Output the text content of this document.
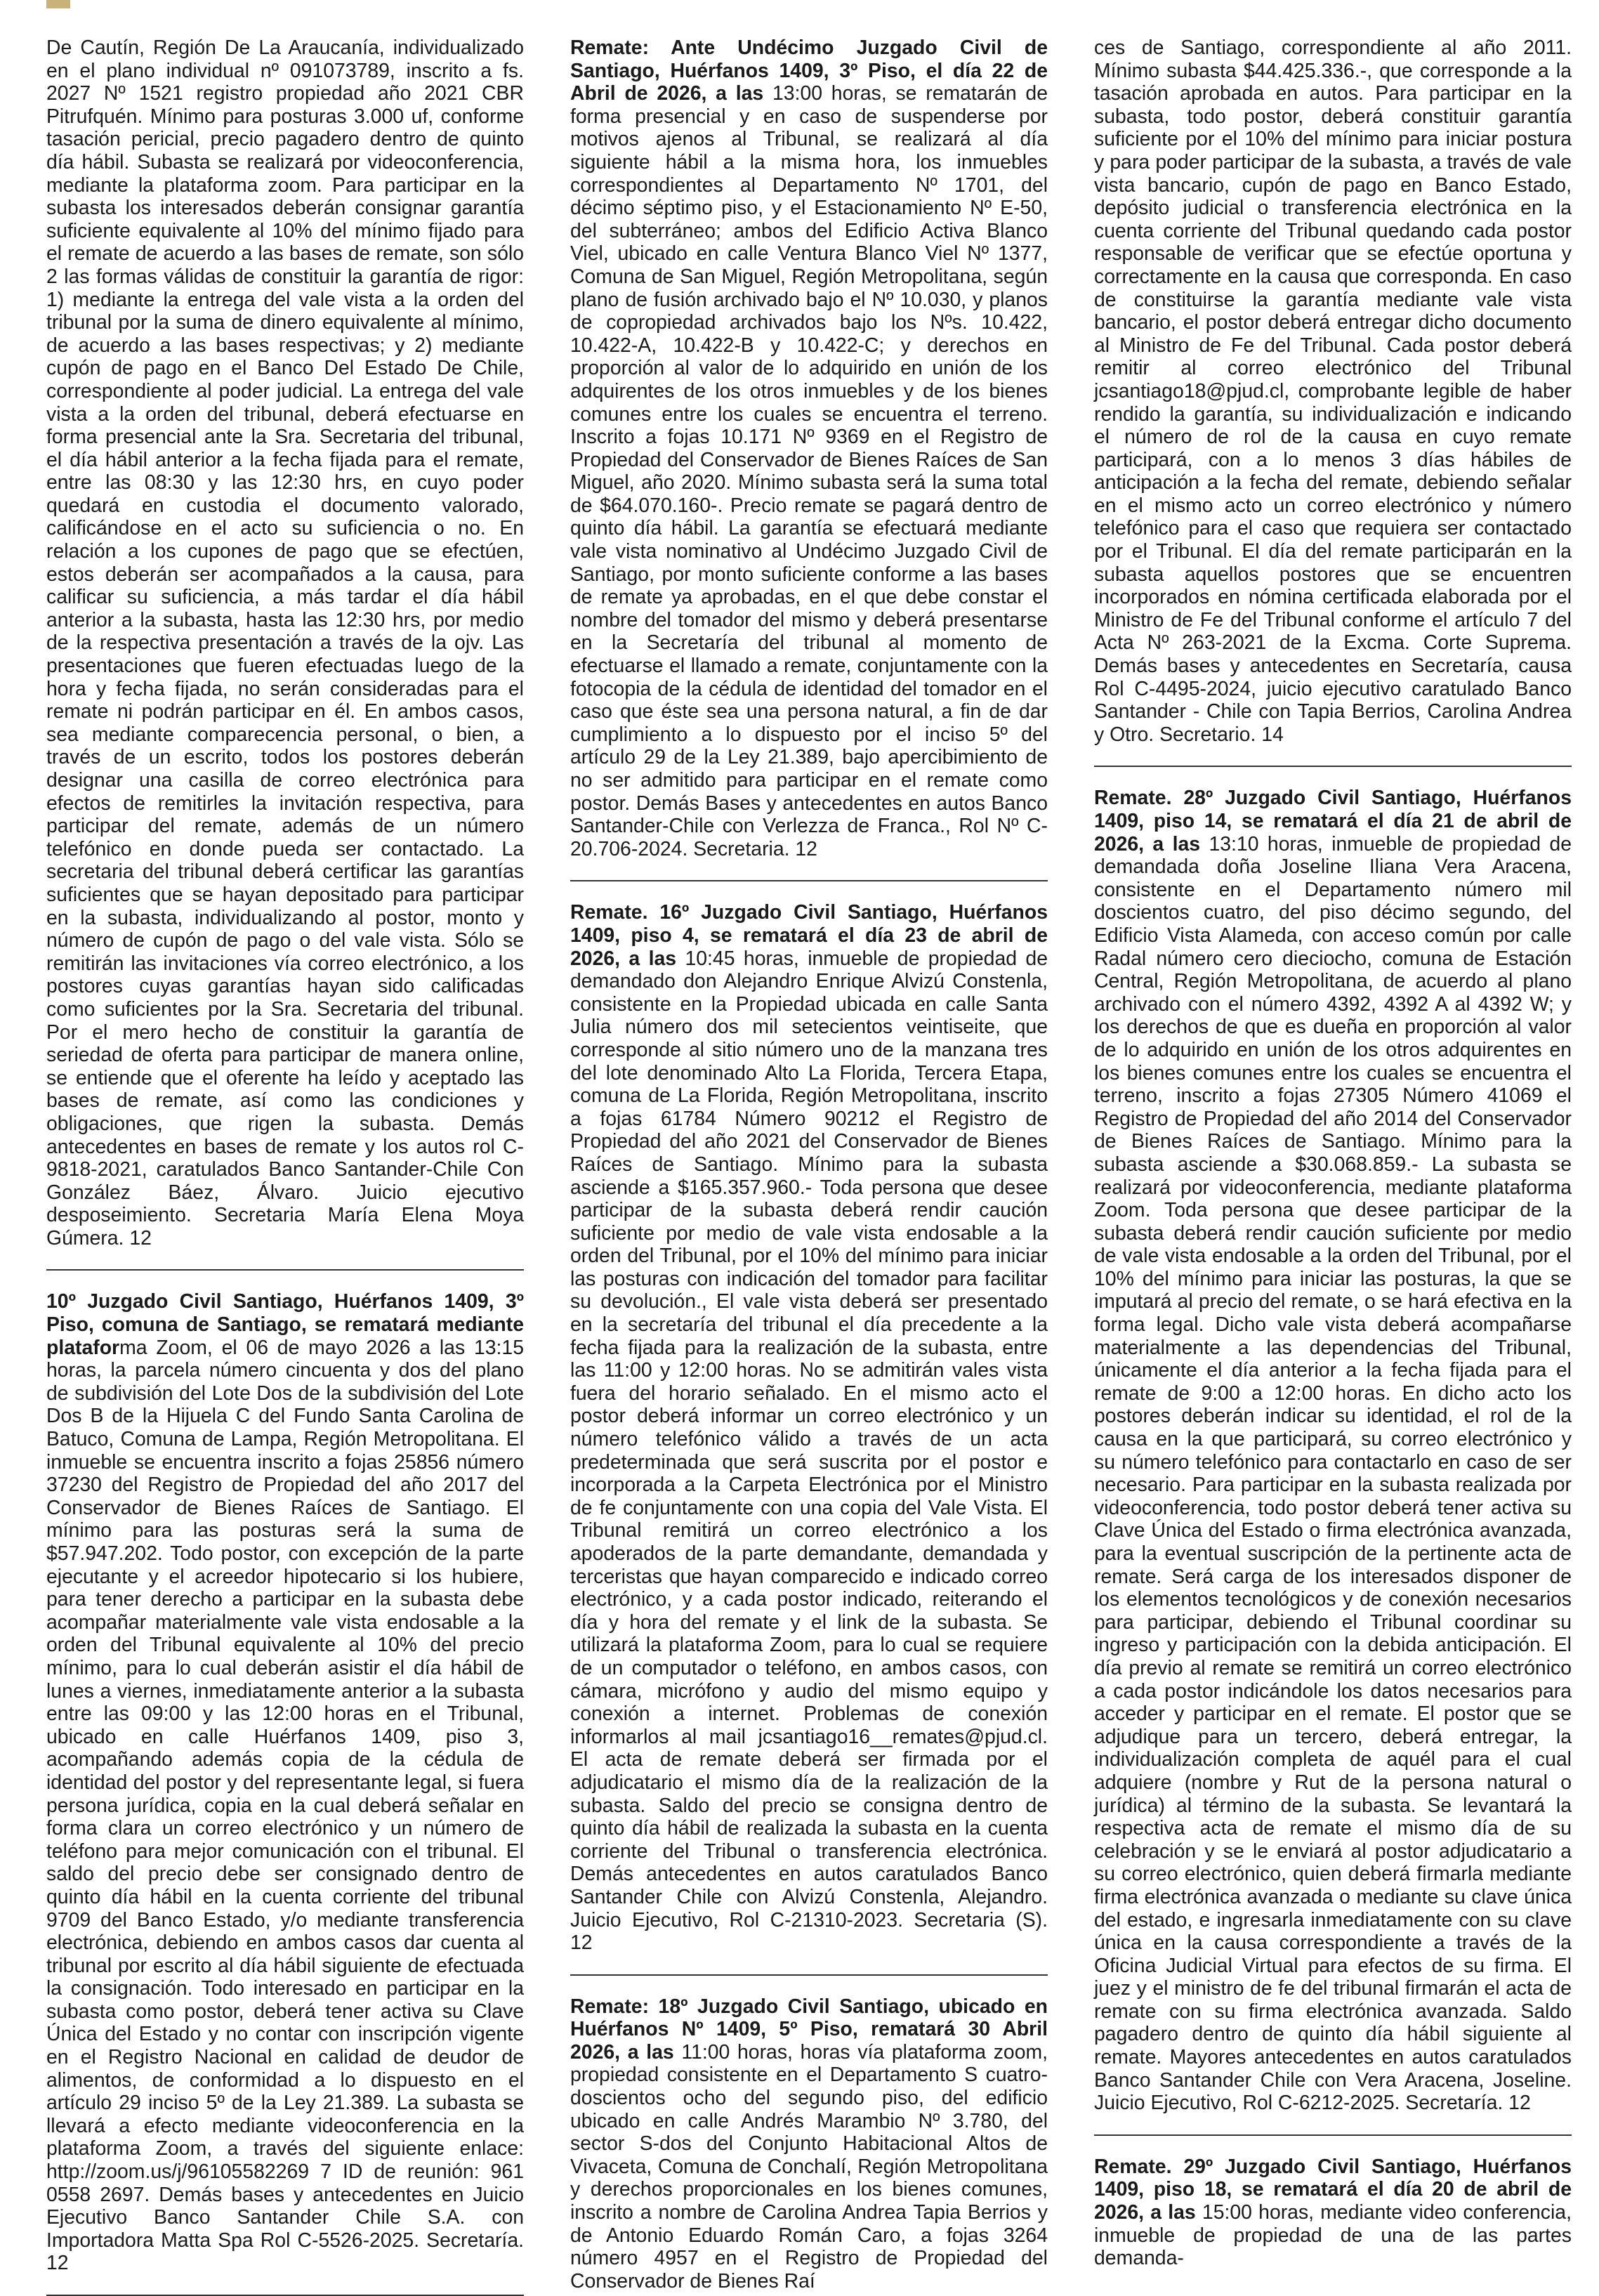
De Cautín, Región De La Araucanía, individualizado en el plano individual nº 091073789, inscrito a fs. 2027 Nº 1521 registro propiedad año 2021 CBR Pitrufquén. Mínimo para posturas 3.000 uf, conforme tasación pericial, precio pagadero dentro de quinto día hábil. Subasta se realizará por videoconferencia, mediante la plataforma zoom. Para participar en la subasta los interesados deberán consignar garantía suficiente equivalente al 10% del mínimo fijado para el remate de acuerdo a las bases de remate, son sólo 2 las formas válidas de constituir la garantía de rigor: 1) mediante la entrega del vale vista a la orden del tribunal por la suma de dinero equivalente al mínimo, de acuerdo a las bases respectivas; y 2) mediante cupón de pago en el Banco Del Estado De Chile, correspondiente al poder judicial. La entrega del vale vista a la orden del tribunal, deberá efectuarse en forma presencial ante la Sra. Secretaria del tribunal, el día hábil anterior a la fecha fijada para el remate, entre las 08:30 y las 12:30 hrs, en cuyo poder quedará en custodia el documento valorado, calificándose en el acto su suficiencia o no. En relación a los cupones de pago que se efectúen, estos deberán ser acompañados a la causa, para calificar su suficiencia, a más tardar el día hábil anterior a la subasta, hasta las 12:30 hrs, por medio de la respectiva presentación a través de la ojv. Las presentaciones que fueren efectuadas luego de la hora y fecha fijada, no serán consideradas para el remate ni podrán participar en él. En ambos casos, sea mediante comparecencia personal, o bien, a través de un escrito, todos los postores deberán designar una casilla de correo electrónica para efectos de remitirles la invitación respectiva, para participar del remate, además de un número telefónico en donde pueda ser contactado. La secretaria del tribunal deberá certificar las garantías suficientes que se hayan depositado para participar en la subasta, individualizando al postor, monto y número de cupón de pago o del vale vista. Sólo se remitirán las invitaciones vía correo electrónico, a los postores cuyas garantías hayan sido calificadas como suficientes por la Sra. Secretaria del tribunal. Por el mero hecho de constituir la garantía de seriedad de oferta para participar de manera online, se entiende que el oferente ha leído y aceptado las bases de remate, así como las condiciones y obligaciones, que rigen la subasta. Demás antecedentes en bases de remate y los autos rol C-9818-2021, caratulados Banco Santander-Chile Con González Báez, Álvaro. Juicio ejecutivo desposeimiento. Secretaria María Elena Moya Gúmera. 12

10º Juzgado Civil Santiago, Huérfanos 1409, 3º Piso, comuna de Santiago, se rematará mediante plataforma Zoom, el 06 de mayo 2026 a las 13:15 horas, la parcela número cincuenta y dos del plano de subdivisión del Lote Dos de la subdivisión del Lote Dos B de la Hijuela C del Fundo Santa Carolina de Batuco, Comuna de Lampa, Región Metropolitana. El inmueble se encuentra inscrito a fojas 25856 número 37230 del Registro de Propiedad del año 2017 del Conservador de Bienes Raíces de Santiago. El mínimo para las posturas será la suma de $57.947.202. Todo postor, con excepción de la parte ejecutante y el acreedor hipotecario si los hubiere, para tener derecho a participar en la subasta debe acompañar materialmente vale vista endosable a la orden del Tribunal equivalente al 10% del precio mínimo, para lo cual deberán asistir el día hábil de lunes a viernes, inmediatamente anterior a la subasta entre las 09:00 y las 12:00 horas en el Tribunal, ubicado en calle Huérfanos 1409, piso 3, acompañando además copia de la cédula de identidad del postor y del representante legal, si fuera persona jurídica, copia en la cual deberá señalar en forma clara un correo electrónico y un número de teléfono para mejor comunicación con el tribunal. El saldo del precio debe ser consignado dentro de quinto día hábil en la cuenta corriente del tribunal 9709 del Banco Estado, y/o mediante transferencia electrónica, debiendo en ambos casos dar cuenta al tribunal por escrito al día hábil siguiente de efectuada la consignación. Todo interesado en participar en la subasta como postor, deberá tener activa su Clave Única del Estado y no contar con inscripción vigente en el Registro Nacional en calidad de deudor de alimentos, de conformidad a lo dispuesto en el artículo 29 inciso 5º de la Ley 21.389. La subasta se llevará a efecto mediante videoconferencia en la plataforma Zoom, a través del siguiente enlace: http://zoom.us/j/96105582269 7 ID de reunión: 961 0558 2697. Demás bases y antecedentes en Juicio Ejecutivo Banco Santander Chile S.A. con Importadora Matta Spa Rol C-5526-2025. Secretaría. 12

Remate: Ante Undécimo Juzgado Civil de Santiago, Huérfanos 1409, 3º Piso, el día 22 de Abril de 2026, a las 13:00 horas, se rematarán de forma presencial y en caso de suspenderse por motivos ajenos al Tribunal, se realizará al día siguiente hábil a la misma hora, los inmuebles correspondientes al Departamento Nº 1701, del décimo séptimo piso, y el Estacionamiento Nº E-50, del subterráneo; ambos del Edificio Activa Blanco Viel, ubicado en calle Ventura Blanco Viel Nº 1377, Comuna de San Miguel, Región Metropolitana, según plano de fusión archivado bajo el Nº 10.030, y planos de copropiedad archivados bajo los Nºs. 10.422, 10.422-A, 10.422-B y 10.422-C; y derechos en proporción al valor de lo adquirido en unión de los adquirentes de los otros inmuebles y de los bienes comunes entre los cuales se encuentra el terreno. Inscrito a fojas 10.171 Nº 9369 en el Registro de Propiedad del Conservador de Bienes Raíces de San Miguel, año 2020. Mínimo subasta será la suma total de $64.070.160-. Precio remate se pagará dentro de quinto día hábil. La garantía se efectuará mediante vale vista nominativo al Undécimo Juzgado Civil de Santiago, por monto suficiente conforme a las bases de remate ya aprobadas, en el que debe constar el nombre del tomador del mismo y deberá presentarse en la Secretaría del tribunal al momento de efectuarse el llamado a remate, conjuntamente con la fotocopia de la cédula de identidad del tomador en el caso que éste sea una persona natural, a fin de dar cumplimiento a lo dispuesto por el inciso 5º del artículo 29 de la Ley 21.389, bajo apercibimiento de no ser admitido para participar en el remate como postor. Demás Bases y antecedentes en autos Banco Santander-Chile con Verlezza de Franca., Rol Nº C-20.706-2024. Secretaria. 12

Remate. 16º Juzgado Civil Santiago, Huérfanos 1409, piso 4, se rematará el día 23 de abril de 2026, a las 10:45 horas, inmueble de propiedad de demandado don Alejandro Enrique Alvizú Constenla, consistente en la Propiedad ubicada en calle Santa Julia número dos mil setecientos veintiseite, que corresponde al sitio número uno de la manzana tres del lote denominado Alto La Florida, Tercera Etapa, comuna de La Florida, Región Metropolitana, inscrito a fojas 61784 Número 90212 el Registro de Propiedad del año 2021 del Conservador de Bienes Raíces de Santiago. Mínimo para la subasta asciende a $165.357.960.- Toda persona que desee participar de la subasta deberá rendir caución suficiente por medio de vale vista endosable a la orden del Tribunal, por el 10% del mínimo para iniciar las posturas con indicación del tomador para facilitar su devolución., El vale vista deberá ser presentado en la secretaría del tribunal el día precedente a la fecha fijada para la realización de la subasta, entre las 11:00 y 12:00 horas. No se admitirán vales vista fuera del horario señalado. En el mismo acto el postor deberá informar un correo electrónico y un número telefónico válido a través de un acta predeterminada que será suscrita por el postor e incorporada a la Carpeta Electrónica por el Ministro de fe conjuntamente con una copia del Vale Vista. El Tribunal remitirá un correo electrónico a los apoderados de la parte demandante, demandada y terceristas que hayan comparecido e indicado correo electrónico, y a cada postor indicado, reiterando el día y hora del remate y el link de la subasta. Se utilizará la plataforma Zoom, para lo cual se requiere de un computador o teléfono, en ambos casos, con cámara, micrófono y audio del mismo equipo y conexión a internet. Problemas de conexión informarlos al mail jcsantiago16__remates@pjud.cl. El acta de remate deberá ser firmada por el adjudicatario el mismo día de la realización de la subasta. Saldo del precio se consigna dentro de quinto día hábil de realizada la subasta en la cuenta corriente del Tribunal o transferencia electrónica. Demás antecedentes en autos caratulados Banco Santander Chile con Alvizú Constenla, Alejandro. Juicio Ejecutivo, Rol C-21310-2023. Secretaria (S). 12

Remate: 18º Juzgado Civil Santiago, ubicado en Huérfanos Nº 1409, 5º Piso, rematará 30 Abril 2026, a las 11:00 horas, horas vía plataforma zoom, propiedad consistente en el Departamento S cuatro-doscientos ocho del segundo piso, del edificio ubicado en calle Andrés Marambio Nº 3.780, del sector S-dos del Conjunto Habitacional Altos de Vivaceta, Comuna de Conchalí, Región Metropolitana y derechos proporcionales en los bienes comunes, inscrito a nombre de Carolina Andrea Tapia Berrios y de Antonio Eduardo Román Caro, a fojas 3264 número 4957 en el Registro de Propiedad del Conservador de Bienes Raí

ces de Santiago, correspondiente al año 2011. Mínimo subasta $44.425.336.-, que corresponde a la tasación aprobada en autos. Para participar en la subasta, todo postor, deberá constituir garantía suficiente por el 10% del mínimo para iniciar postura y para poder participar de la subasta, a través de vale vista bancario, cupón de pago en Banco Estado, depósito judicial o transferencia electrónica en la cuenta corriente del Tribunal quedando cada postor responsable de verificar que se efectúe oportuna y correctamente en la causa que corresponda. En caso de constituirse la garantía mediante vale vista bancario, el postor deberá entregar dicho documento al Ministro de Fe del Tribunal. Cada postor deberá remitir al correo electrónico del Tribunal jcsantiago18@pjud.cl, comprobante legible de haber rendido la garantía, su individualización e indicando el número de rol de la causa en cuyo remate participará, con a lo menos 3 días hábiles de anticipación a la fecha del remate, debiendo señalar en el mismo acto un correo electrónico y número telefónico para el caso que requiera ser contactado por el Tribunal. El día del remate participarán en la subasta aquellos postores que se encuentren incorporados en nómina certificada elaborada por el Ministro de Fe del Tribunal conforme el artículo 7 del Acta Nº 263-2021 de la Excma. Corte Suprema. Demás bases y antecedentes en Secretaría, causa Rol C-4495-2024, juicio ejecutivo caratulado Banco Santander - Chile con Tapia Berrios, Carolina Andrea y Otro. Secretario. 14

Remate. 28º Juzgado Civil Santiago, Huérfanos 1409, piso 14, se rematará el día 21 de abril de 2026, a las 13:10 horas, inmueble de propiedad de demandada doña Joseline Iliana Vera Aracena, consistente en el Departamento número mil doscientos cuatro, del piso décimo segundo, del Edificio Vista Alameda, con acceso común por calle Radal número cero dieciocho, comuna de Estación Central, Región Metropolitana, de acuerdo al plano archivado con el número 4392, 4392 A al 4392 W; y los derechos de que es dueña en proporción al valor de lo adquirido en unión de los otros adquirentes en los bienes comunes entre los cuales se encuentra el terreno, inscrito a fojas 27305 Número 41069 el Registro de Propiedad del año 2014 del Conservador de Bienes Raíces de Santiago. Mínimo para la subasta asciende a $30.068.859.- La subasta se realizará por videoconferencia, mediante plataforma Zoom. Toda persona que desee participar de la subasta deberá rendir caución suficiente por medio de vale vista endosable a la orden del Tribunal, por el 10% del mínimo para iniciar las posturas, la que se imputará al precio del remate, o se hará efectiva en la forma legal. Dicho vale vista deberá acompañarse materialmente a las dependencias del Tribunal, únicamente el día anterior a la fecha fijada para el remate de 9:00 a 12:00 horas. En dicho acto los postores deberán indicar su identidad, el rol de la causa en la que participará, su correo electrónico y su número telefónico para contactarlo en caso de ser necesario. Para participar en la subasta realizada por videoconferencia, todo postor deberá tener activa su Clave Única del Estado o firma electrónica avanzada, para la eventual suscripción de la pertinente acta de remate. Será carga de los interesados disponer de los elementos tecnológicos y de conexión necesarios para participar, debiendo el Tribunal coordinar su ingreso y participación con la debida anticipación. El día previo al remate se remitirá un correo electrónico a cada postor indicándole los datos necesarios para acceder y participar en el remate. El postor que se adjudique para un tercero, deberá entregar, la individualización completa de aquél para el cual adquiere (nombre y Rut de la persona natural o jurídica) al término de la subasta. Se levantará la respectiva acta de remate el mismo día de su celebración y se le enviará al postor adjudicatario a su correo electrónico, quien deberá firmarla mediante firma electrónica avanzada o mediante su clave única del estado, e ingresarla inmediatamente con su clave única en la causa correspondiente a través de la Oficina Judicial Virtual para efectos de su firma. El juez y el ministro de fe del tribunal firmarán el acta de remate con su firma electrónica avanzada. Saldo pagadero dentro de quinto día hábil siguiente al remate. Mayores antecedentes en autos caratulados Banco Santander Chile con Vera Aracena, Joseline. Juicio Ejecutivo, Rol C-6212-2025. Secretaría. 12

Remate. 29º Juzgado Civil Santiago, Huérfanos 1409, piso 18, se rematará el día 20 de abril de 2026, a las 15:00 horas, mediante video conferencia, inmueble de propiedad de una de las partes demanda-
